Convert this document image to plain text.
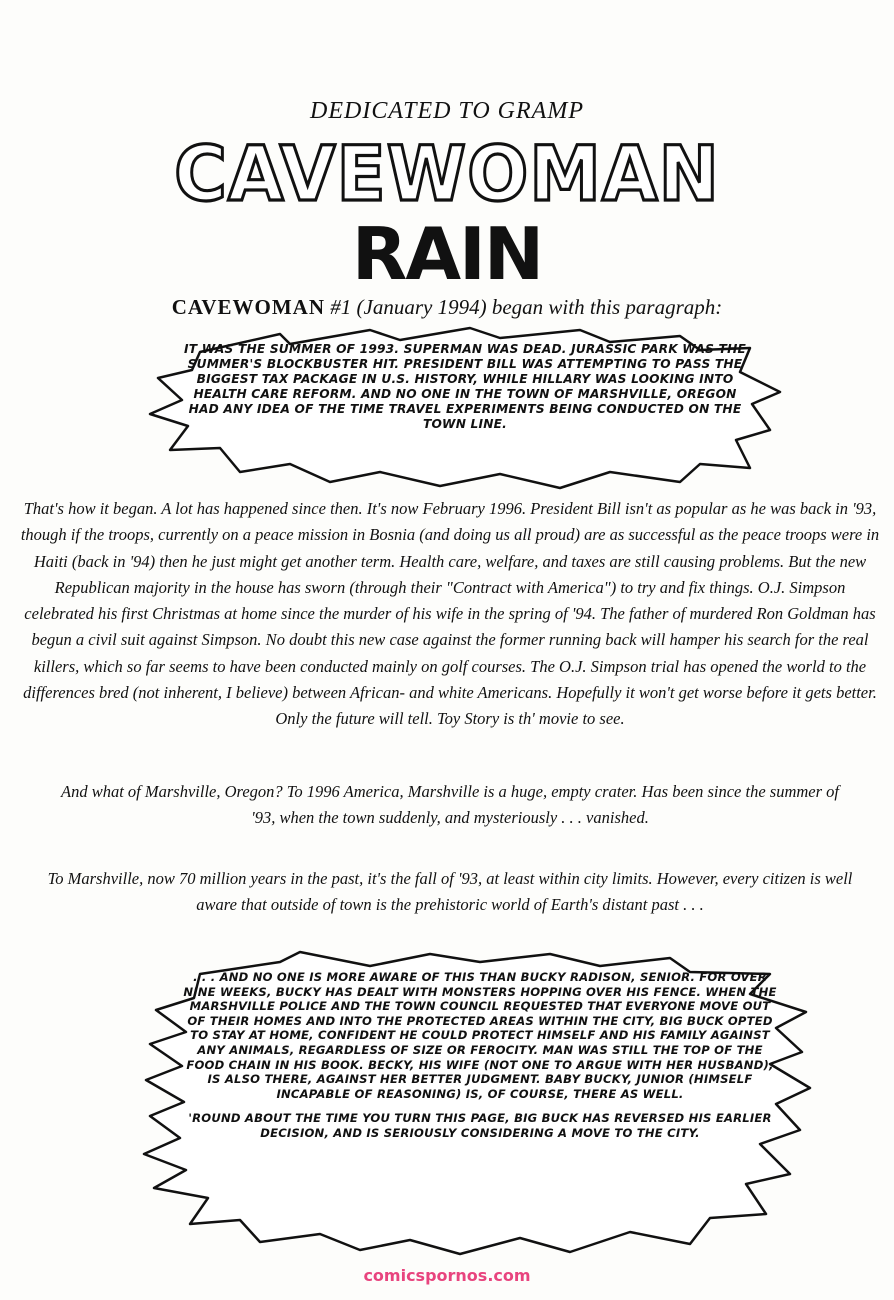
DEDICATED TO GRAMP
CAVEWOMAN
RAIN
CAVEWOMAN #1 (January 1994) began with this paragraph:
IT WAS THE SUMMER OF 1993. SUPERMAN WAS DEAD. JURASSIC PARK WAS THE SUMMER'S BLOCKBUSTER HIT. PRESIDENT BILL WAS ATTEMPTING TO PASS THE BIGGEST TAX PACKAGE IN U.S. HISTORY, WHILE HILLARY WAS LOOKING INTO HEALTH CARE REFORM. AND NO ONE IN THE TOWN OF MARSHVILLE, OREGON HAD ANY IDEA OF THE TIME TRAVEL EXPERIMENTS BEING CONDUCTED ON THE TOWN LINE.
That's how it began. A lot has happened since then. It's now February 1996. President Bill isn't as popular as he was back in '93, though if the troops, currently on a peace mission in Bosnia (and doing us all proud) are as successful as the peace troops were in Haiti (back in '94) then he just might get another term. Health care, welfare, and taxes are still causing problems. But the new Republican majority in the house has sworn (through their "Contract with America") to try and fix things. O.J. Simpson celebrated his first Christmas at home since the murder of his wife in the spring of '94. The father of murdered Ron Goldman has begun a civil suit against Simpson. No doubt this new case against the former running back will hamper his search for the real killers, which so far seems to have been conducted mainly on golf courses. The O.J. Simpson trial has opened the world to the differences bred (not inherent, I believe) between African- and white Americans. Hopefully it won't get worse before it gets better. Only the future will tell. Toy Story is th' movie to see.
And what of Marshville, Oregon? To 1996 America, Marshville is a huge, empty crater. Has been since the summer of '93, when the town suddenly, and mysteriously . . . vanished.
To Marshville, now 70 million years in the past, it's the fall of '93, at least within city limits. However, every citizen is well aware that outside of town is the prehistoric world of Earth's distant past . . .
. . . AND NO ONE IS MORE AWARE OF THIS THAN BUCKY RADISON, SENIOR. FOR OVER NINE WEEKS, BUCKY HAS DEALT WITH MONSTERS HOPPING OVER HIS FENCE. WHEN THE MARSHVILLE POLICE AND THE TOWN COUNCIL REQUESTED THAT EVERYONE MOVE OUT OF THEIR HOMES AND INTO THE PROTECTED AREAS WITHIN THE CITY, BIG BUCK OPTED TO STAY AT HOME, CONFIDENT HE COULD PROTECT HIMSELF AND HIS FAMILY AGAINST ANY ANIMALS, REGARDLESS OF SIZE OR FEROCITY. MAN WAS STILL THE TOP OF THE FOOD CHAIN IN HIS BOOK. BECKY, HIS WIFE (NOT ONE TO ARGUE WITH HER HUSBAND), IS ALSO THERE, AGAINST HER BETTER JUDGMENT. BABY BUCKY, JUNIOR (HIMSELF INCAPABLE OF REASONING) IS, OF COURSE, THERE AS WELL.
'ROUND ABOUT THE TIME YOU TURN THIS PAGE, BIG BUCK HAS REVERSED HIS EARLIER DECISION, AND IS SERIOUSLY CONSIDERING A MOVE TO THE CITY.
comicspornos.com
